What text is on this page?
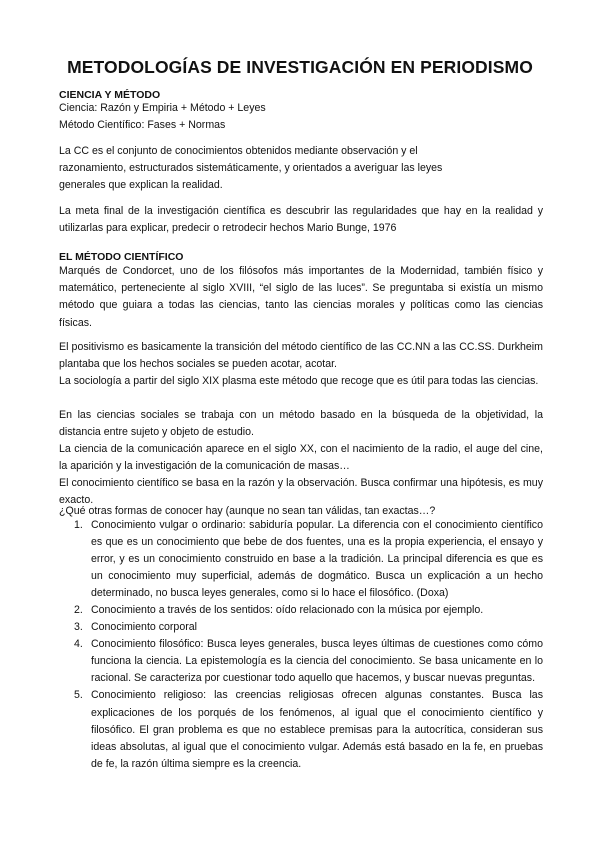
METODOLOGÍAS DE INVESTIGACIÓN EN PERIODISMO
CIENCIA Y MÉTODO
Ciencia: Razón y Empiria + Método + Leyes
Método Científico: Fases + Normas

La CC es el conjunto de conocimientos obtenidos mediante observación y el razonamiento, estructurados sistemáticamente, y orientados a averiguar las leyes generales que explican la realidad.

La meta final de la investigación científica es descubrir las regularidades que hay en la realidad y utilizarlas para explicar, predecir o retrodecir hechos Mario Bunge, 1976

EL MÉTODO CIENTÍFICO

Marqués de Condorcet, uno de los filósofos más importantes de la Modernidad, también físico y matemático, perteneciente al siglo XVIII, “el siglo de las luces”. Se preguntaba si existía un mismo método que guiara a todas las ciencias, tanto las ciencias morales y políticas como las ciencias físicas.

El positivismo es basicamente la transición del método científico de las CC.NN a las CC.SS. Durkheim plantaba que los hechos sociales se pueden acotar, acotar.

La sociología a partir del siglo XIX plasma este método que recoge que es útil para todas las ciencias.

En las ciencias sociales se trabaja con un método basado en la búsqueda de la objetividad, la distancia entre sujeto y objeto de estudio.

La ciencia de la comunicación aparece en el siglo XX, con el nacimiento de la radio, el auge del cine, la aparición y la investigación de la comunicación de masas…

El conocimiento científico se basa en la razón y la observación. Busca confirmar una hipótesis, es muy exacto.

¿Qué otras formas de conocer hay (aunque no sean tan válidas, tan exactas…?
1. Conocimiento vulgar o ordinario: sabiduría popular. La diferencia con el conocimiento científico es que es un conocimiento que bebe de dos fuentes, una es la propia experiencia, el ensayo y error, y es un conocimiento construido en base a la tradición. La principal diferencia es que es un conocimiento muy superficial, además de dogmático. Busca un explicación a un hecho determinado, no busca leyes generales, como si lo hace el filosófico. (Doxa)
2. Conocimiento a través de los sentidos: oído relacionado con la música por ejemplo.
3. Conocimiento corporal
4. Conocimiento filosófico: Busca leyes generales, busca leyes últimas de cuestiones como cómo funciona la ciencia. La epistemología es la ciencia del conocimiento. Se basa unicamente en lo racional. Se caracteriza por cuestionar todo aquello que hacemos, y buscar nuevas preguntas.
5. Conocimiento religioso: las creencias religiosas ofrecen algunas constantes. Busca las explicaciones de los porqués de los fenómenos, al igual que el conocimiento científico y filosófico. El gran problema es que no establece premisas para la autocrítica, consideran sus ideas absolutas, al igual que el conocimiento vulgar. Además está basado en la fe, en pruebas de fe, la razón última siempre es la creencia.
